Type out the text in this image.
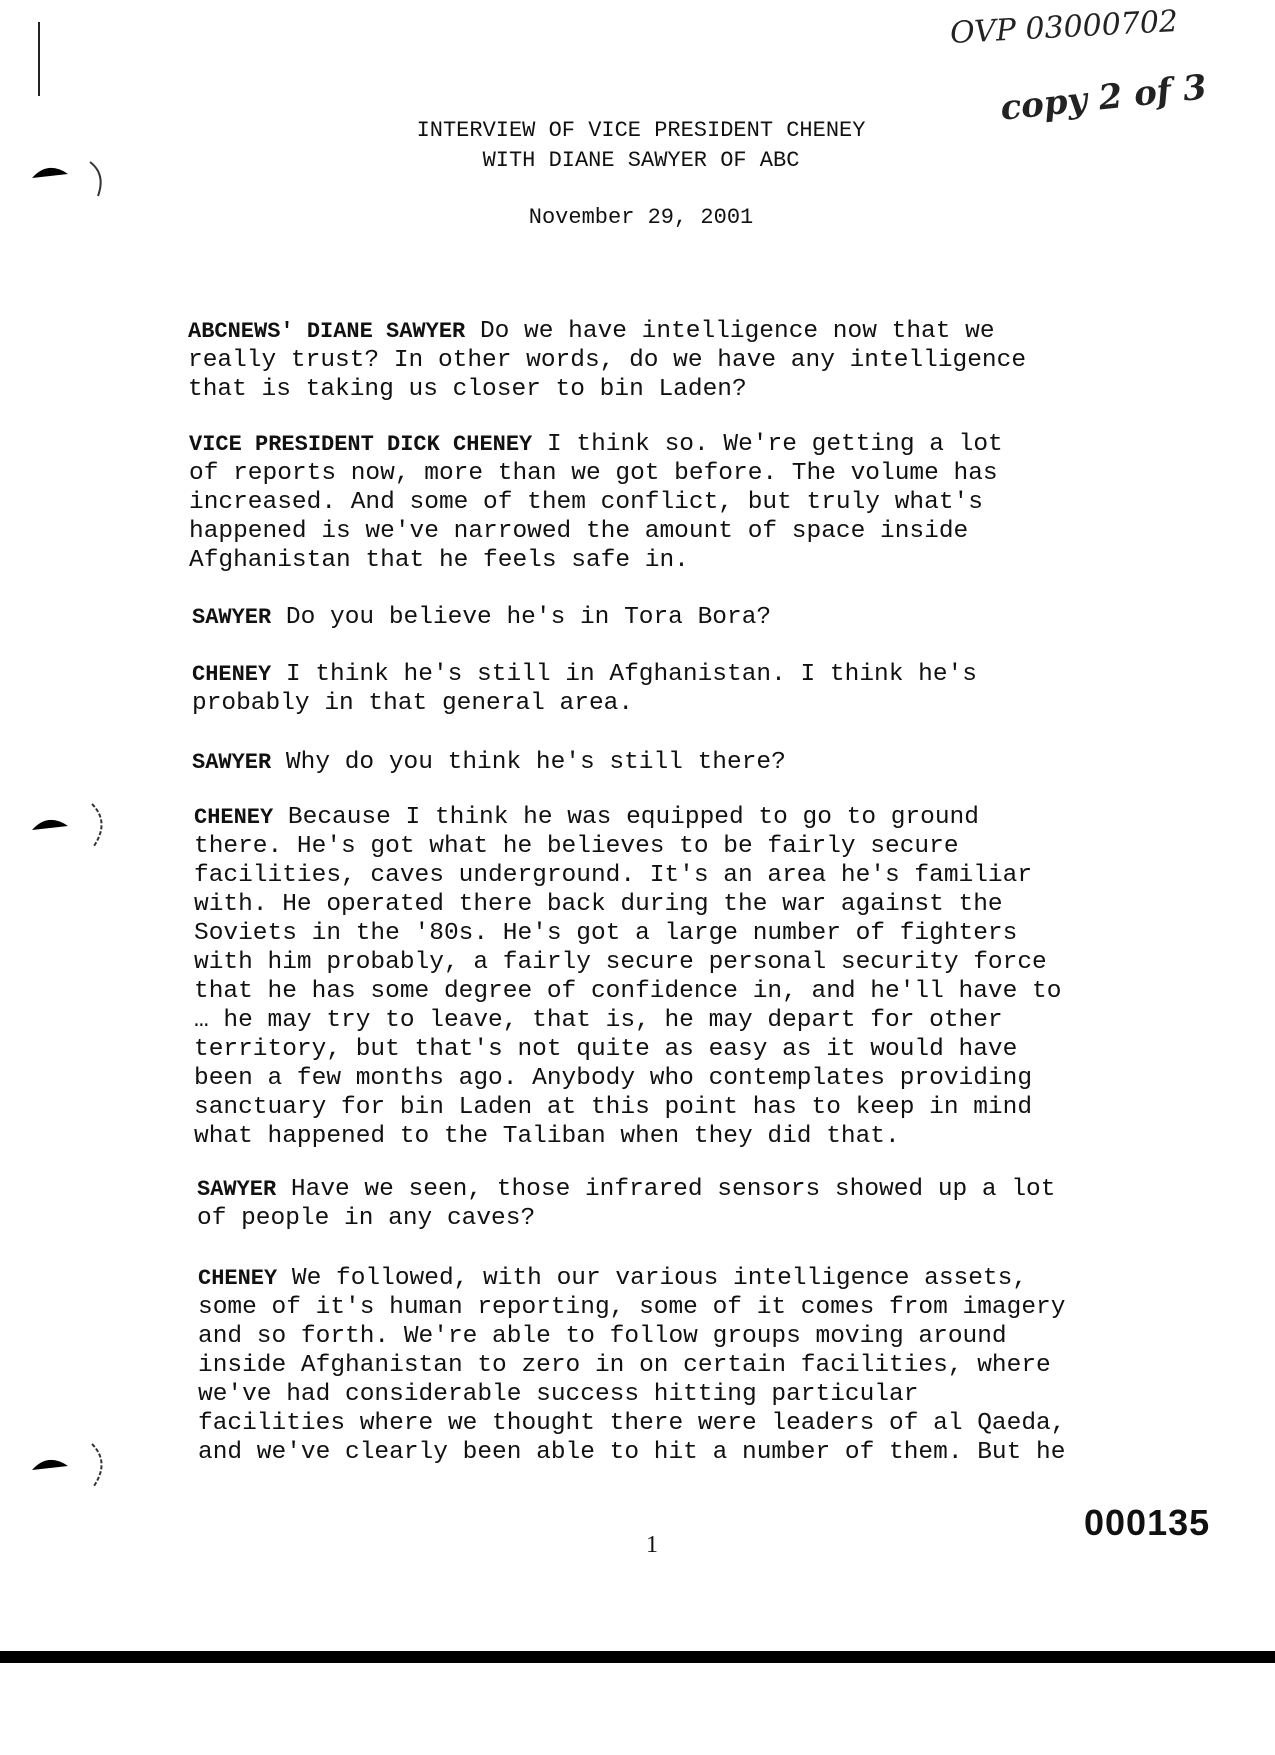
OVP 03000702
copy 2 of 3
INTERVIEW OF VICE PRESIDENT CHENEY
WITH DIANE SAWYER OF ABC
November 29, 2001
ABCNEWS' DIANE SAWYER Do we have intelligence now that we
really trust? In other words, do we have any intelligence
that is taking us closer to bin Laden?
VICE PRESIDENT DICK CHENEY I think so. We're getting a lot
of reports now, more than we got before. The volume has
increased. And some of them conflict, but truly what's
happened is we've narrowed the amount of space inside
Afghanistan that he feels safe in.
SAWYER Do you believe he's in Tora Bora?
CHENEY I think he's still in Afghanistan. I think he's
probably in that general area.
SAWYER Why do you think he's still there?
CHENEY Because I think he was equipped to go to ground
there. He's got what he believes to be fairly secure
facilities, caves underground. It's an area he's familiar
with. He operated there back during the war against the
Soviets in the '80s. He's got a large number of fighters
with him probably, a fairly secure personal security force
that he has some degree of confidence in, and he'll have to
… he may try to leave, that is, he may depart for other
territory, but that's not quite as easy as it would have
been a few months ago. Anybody who contemplates providing
sanctuary for bin Laden at this point has to keep in mind
what happened to the Taliban when they did that.
SAWYER Have we seen, those infrared sensors showed up a lot
of people in any caves?
CHENEY We followed, with our various intelligence assets,
some of it's human reporting, some of it comes from imagery
and so forth. We're able to follow groups moving around
inside Afghanistan to zero in on certain facilities, where
we've had considerable success hitting particular
facilities where we thought there were leaders of al Qaeda,
and we've clearly been able to hit a number of them. But he
1
000135
